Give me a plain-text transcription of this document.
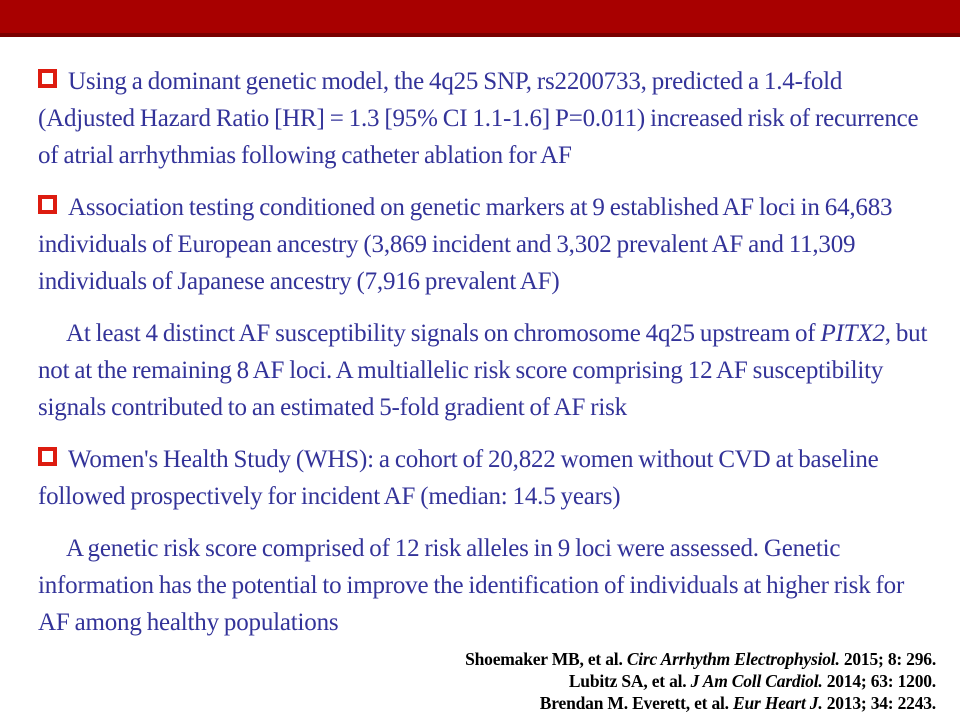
Using a dominant genetic model, the 4q25 SNP, rs2200733, predicted a 1.4-fold (Adjusted Hazard Ratio [HR] = 1.3 [95% CI 1.1-1.6] P=0.011) increased risk of recurrence of atrial arrhythmias following catheter ablation for AF
Association testing conditioned on genetic markers at 9 established AF loci in 64,683 individuals of European ancestry (3,869 incident and 3,302 prevalent AF and 11,309 individuals of Japanese ancestry (7,916 prevalent AF)
At least 4 distinct AF susceptibility signals on chromosome 4q25 upstream of PITX2, but not at the remaining 8 AF loci. A multiallelic risk score comprising 12 AF susceptibility signals contributed to an estimated 5-fold gradient of AF risk
Women's Health Study (WHS): a cohort of 20,822 women without CVD at baseline followed prospectively for incident AF (median: 14.5 years)
A genetic risk score comprised of 12 risk alleles in 9 loci were assessed. Genetic information has the potential to improve the identification of individuals at higher risk for AF among healthy populations
Shoemaker MB, et al. Circ Arrhythm Electrophysiol. 2015; 8: 296.
Lubitz SA, et al. J Am Coll Cardiol. 2014; 63: 1200.
Brendan M. Everett, et al. Eur Heart J. 2013; 34: 2243.
